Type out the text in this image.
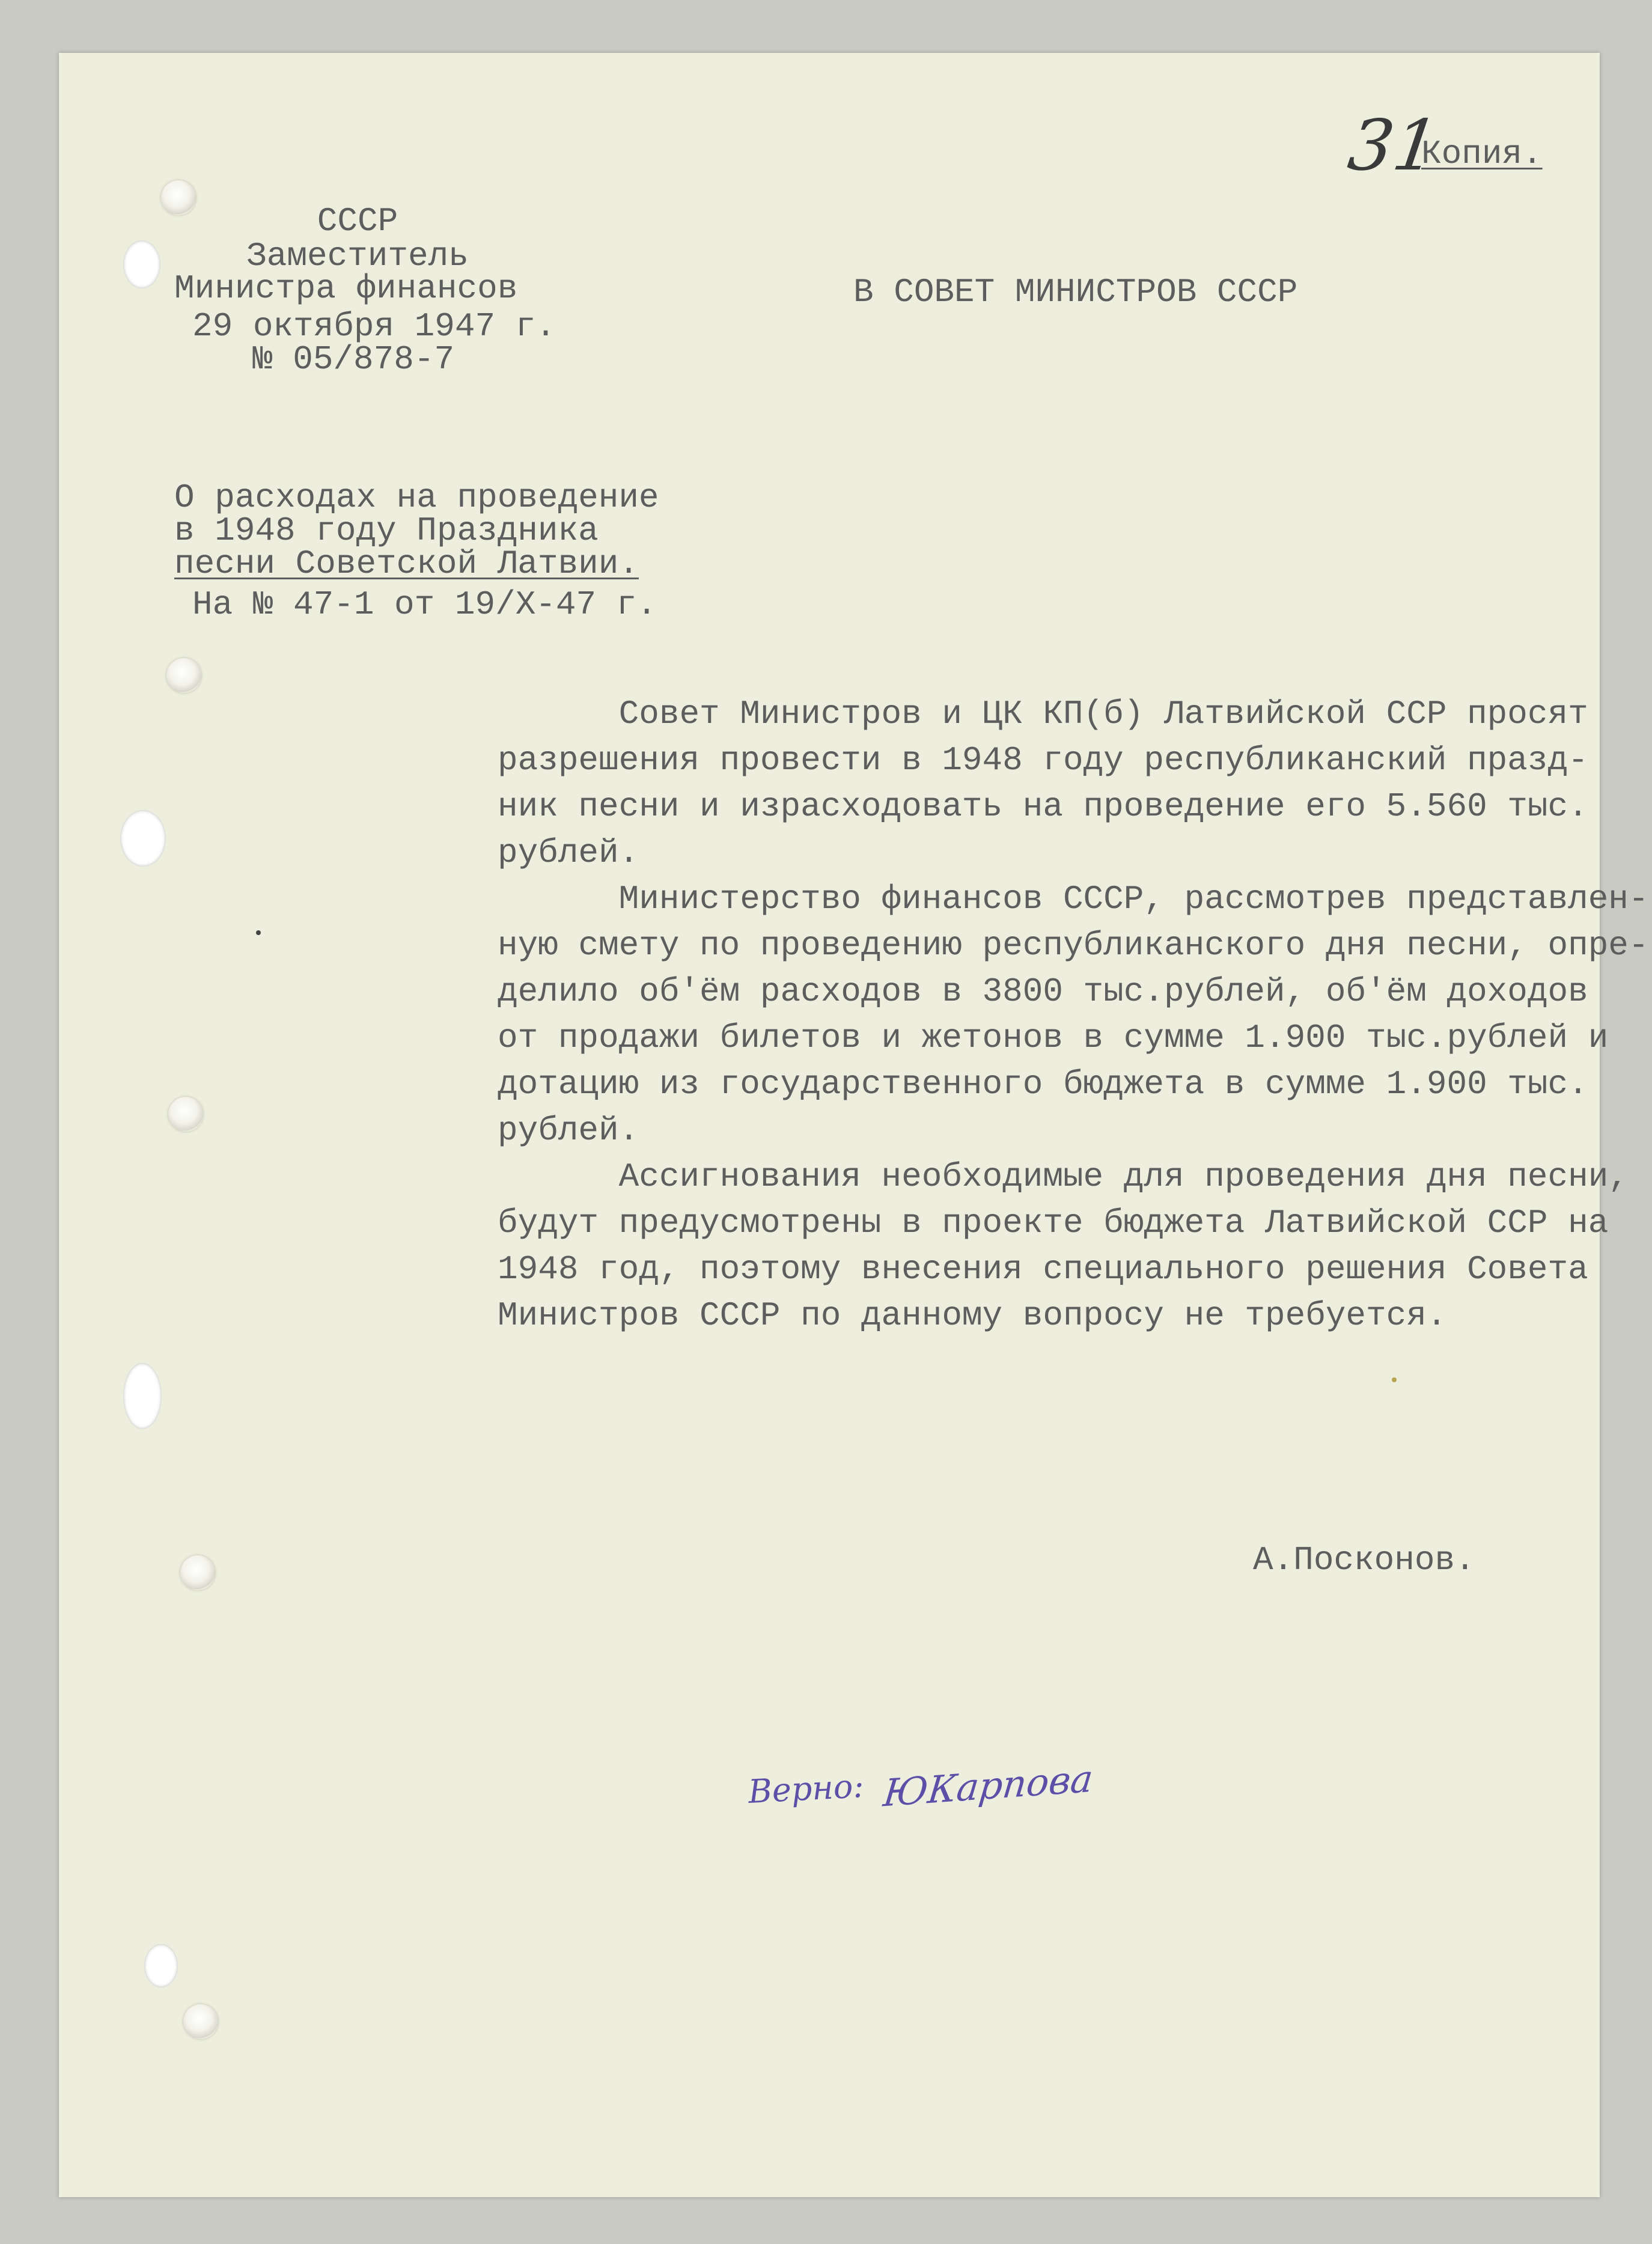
31
Копия.
СССР
Заместитель
Министра финансов
29 октября 1947 г.
№ 05/878-7
В СОВЕТ МИНИСТРОВ СССР
О расходах на проведение
в 1948 году Праздника
песни Советской Латвии.
На № 47-1 от 19/Х-47 г.
Совет Министров и ЦК КП(б) Латвийской ССР просят
разрешения провести в 1948 году республиканский празд-
ник песни и израсходовать на проведение его 5.560 тыс.
рублей.
Министерство финансов СССР, рассмотрев представлен-
ную смету по проведению республиканского дня песни, опре-
делило об'ём расходов в 3800 тыс.рублей, об'ём доходов
от продажи билетов и жетонов в сумме 1.900 тыс.рублей и
дотацию из государственного бюджета в сумме 1.900 тыс.
рублей.
Ассигнования необходимые для проведения дня песни,
будут предусмотрены в проекте бюджета Латвийской ССР на
1948 год, поэтому внесения специального решения Совета
Министров СССР по данному вопросу не требуется.
А.Посконов.
Верно: ЮКарпова
